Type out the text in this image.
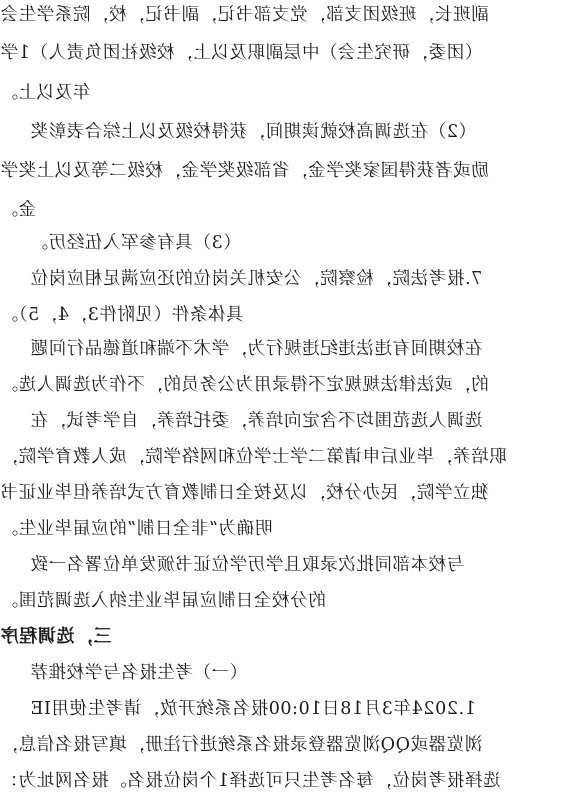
副班长，班级团支部，党支部书记，副书记，校，院系学生会
（团委，研究生会）中层副职及以上，校级社团负责人）1学
年及以上。
（2）在选调高校就读期间，获得校级及以上综合表彰奖
励或者获得国家奖学金，省部级奖学金，校级二等及以上奖学
金。
（3）具有参军入伍经历。
7.报考法院，检察院，公安机关岗位的还应满足相应岗位
具体条件（见附件3，4，5）。
在校期间有违法违纪违规行为，学术不端和道德品行问题
的，或法律法规规定不得录用为公务员的，不作为选调人选。
选调人选范围均不含定向培养，委托培养，自学考试，在
职培养，毕业后申请第二学士学位和网络学院，成人教育学院，
独立学院，民办分校，以及按全日制教育方式培养但毕业证书
明确为“非全日制”的应届毕业生。
与校本部同批次录取且学历学位证书颁发单位署名一致
的分校全日制应届毕业生纳入选调范围。
三，选调程序
（一）考生报名与学校推荐
1.2024年3月18日10:00报名系统开放，请考生使用IE
浏览器或QQ浏览器登录报名系统进行注册，填写报名信息，
选择报考岗位，每名考生只可选择1个岗位报名。报名网址为：
